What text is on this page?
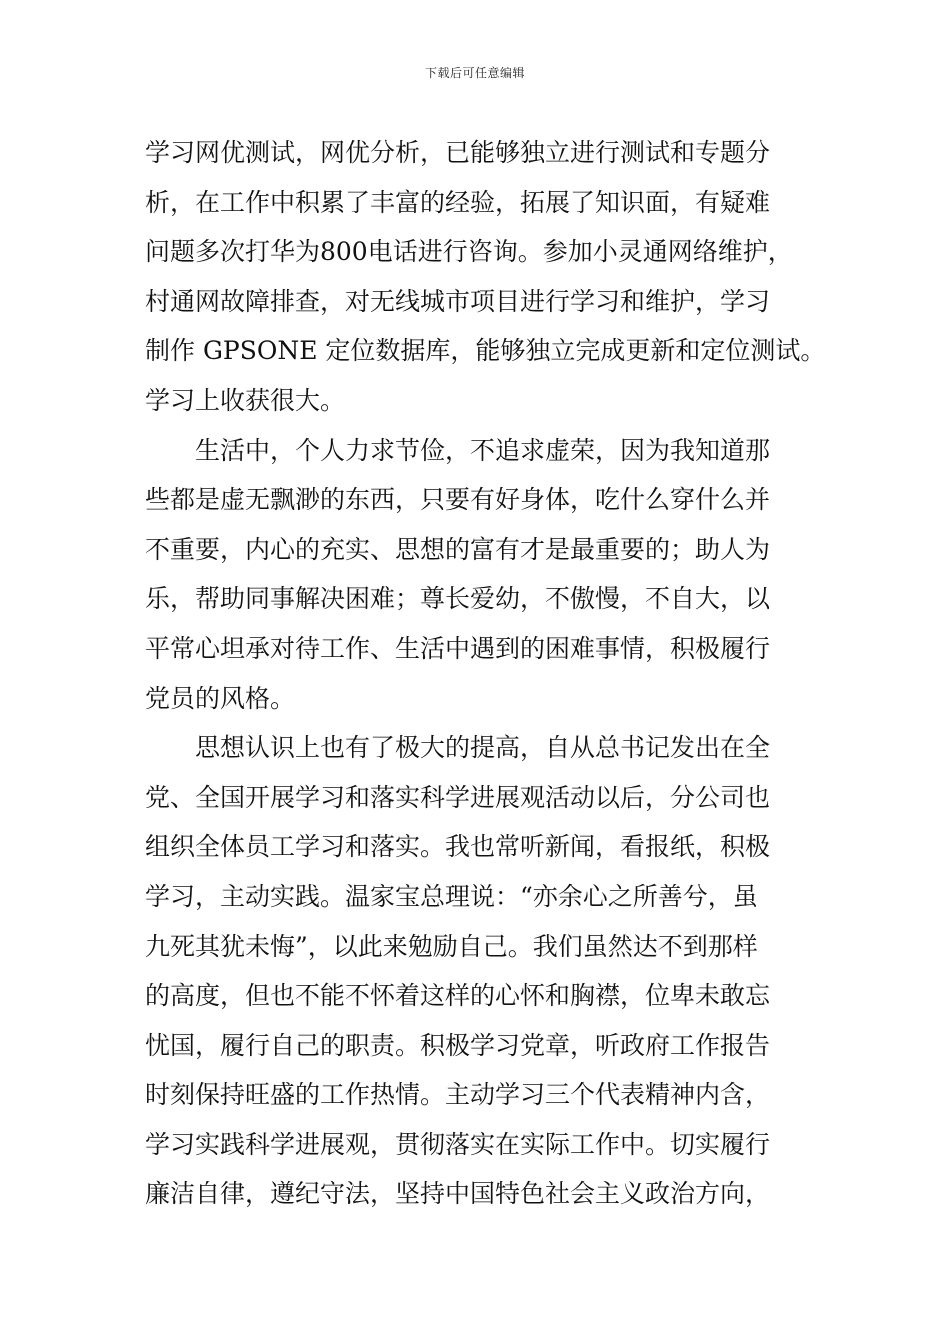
下载后可任意编辑

学习网优测试，网优分析，已能够独立进行测试和专题分
析，在工作中积累了丰富的经验，拓展了知识面，有疑难
问题多次打华为800电话进行咨询。参加小灵通网络维护，
村通网故障排查，对无线城市项目进行学习和维护，学习
制作 GPSONE 定位数据库，能够独立完成更新和定位测试。
学习上收获很大。

　　生活中，个人力求节俭，不追求虚荣，因为我知道那
些都是虚无飘渺的东西，只要有好身体，吃什么穿什么并
不重要，内心的充实、思想的富有才是最重要的；助人为
乐，帮助同事解决困难；尊长爱幼，不傲慢，不自大，以
平常心坦承对待工作、生活中遇到的困难事情，积极履行
党员的风格。

　　思想认识上也有了极大的提高，自从总书记发出在全
党、全国开展学习和落实科学进展观活动以后，分公司也
组织全体员工学习和落实。我也常听新闻，看报纸，积极
学习，主动实践。温家宝总理说：“亦余心之所善兮，虽
九死其犹未悔”，以此来勉励自己。我们虽然达不到那样
的高度，但也不能不怀着这样的心怀和胸襟，位卑未敢忘
忧国，履行自己的职责。积极学习党章，听政府工作报告
时刻保持旺盛的工作热情。主动学习三个代表精神内含，
学习实践科学进展观，贯彻落实在实际工作中。切实履行
廉洁自律，遵纪守法，坚持中国特色社会主义政治方向，
